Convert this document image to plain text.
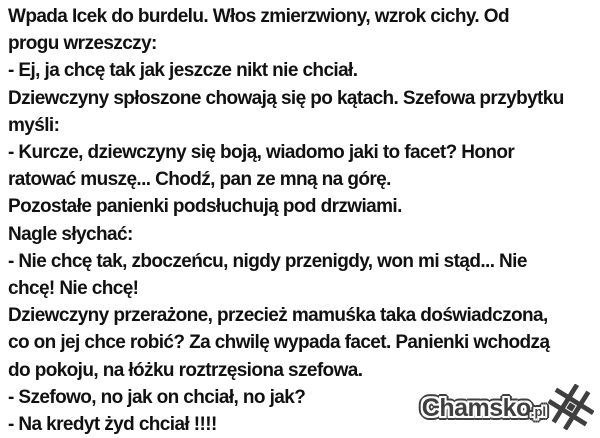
Wpada Icek do burdelu. Włos zmierzwiony, wzrok cichy. Od
progu wrzeszczy:
- Ej, ja chcę tak jak jeszcze nikt nie chciał.
Dziewczyny spłoszone chowają się po kątach. Szefowa przybytku
myśli:
- Kurcze, dziewczyny się boją, wiadomo jaki to facet? Honor
ratować muszę... Chodź, pan ze mną na górę.
Pozostałe panienki podsłuchują pod drzwiami.
Nagle słychać:
- Nie chcę tak, zboczeńcu, nigdy przenigdy, won mi stąd... Nie
chcę! Nie chcę!
Dziewczyny przerażone, przecież mamuśka taka doświadczona,
co on jej chce robić? Za chwilę wypada facet. Panienki wchodzą
do pokoju, na łóżku roztrzęsiona szefowa.
- Szefowo, no jak on chciał, no jak?
- Na kredyt żyd chciał !!!!
Chamsko.pl
